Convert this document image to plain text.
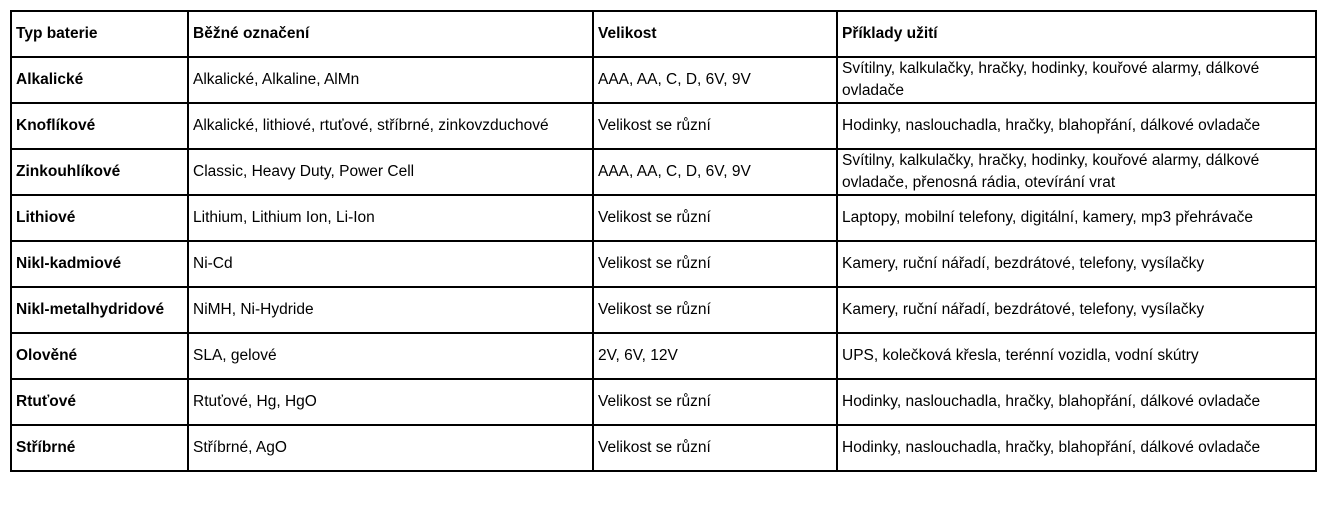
Typ baterie	Běžné označení	Velikost	Příklady užití
Alkalické	Alkalické, Alkaline, AlMn	AAA, AA, C, D, 6V, 9V	Svítilny, kalkulačky, hračky, hodinky, kouřové alarmy, dálkové ovladače
Knoflíkové	Alkalické, lithiové, rtuťové, stříbrné, zinkovzduchové	Velikost se různí	Hodinky, naslouchadla, hračky, blahopřání, dálkové ovladače
Zinkouhlíkové	Classic, Heavy Duty, Power Cell	AAA, AA, C, D, 6V, 9V	Svítilny, kalkulačky, hračky, hodinky, kouřové alarmy, dálkové ovladače, přenosná rádia, otevírání vrat
Lithiové	Lithium, Lithium Ion, Li-Ion	Velikost se různí	Laptopy, mobilní telefony, digitální, kamery, mp3 přehrávače
Nikl-kadmiové	Ni-Cd	Velikost se různí	Kamery, ruční nářadí, bezdrátové, telefony, vysílačky
Nikl-metalhydridové	NiMH, Ni-Hydride	Velikost se různí	Kamery, ruční nářadí, bezdrátové, telefony, vysílačky
Olověné	SLA, gelové	2V, 6V, 12V	UPS, kolečková křesla, terénní vozidla, vodní skútry
Rtuťové	Rtuťové, Hg, HgO	Velikost se různí	Hodinky, naslouchadla, hračky, blahopřání, dálkové ovladače
Stříbrné	Stříbrné, AgO	Velikost se různí	Hodinky, naslouchadla, hračky, blahopřání, dálkové ovladače
